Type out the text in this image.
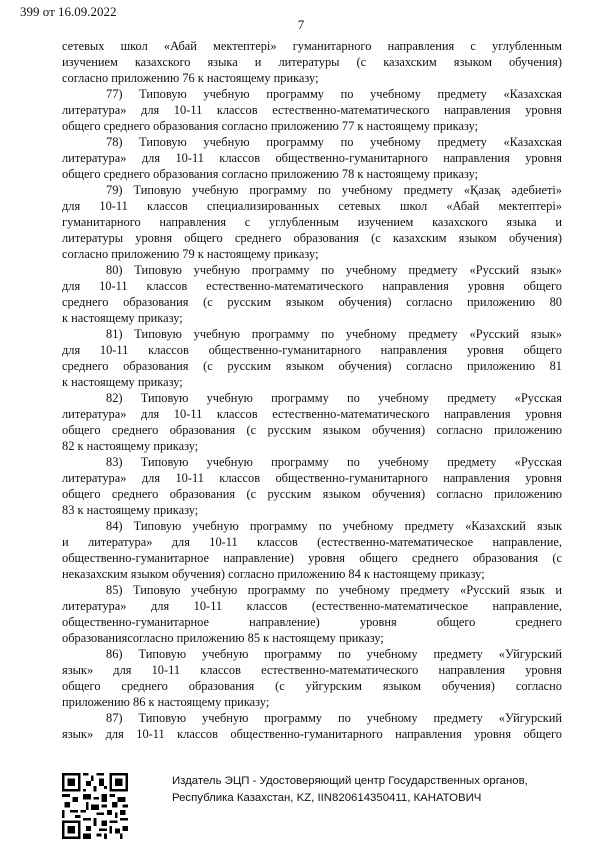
399 от 16.09.2022
7
сетевых школ «Абай мектептері» гуманитарного направления с углубленным
изучением казахского языка и литературы (с казахским языком обучения)
согласно приложению 76 к настоящему приказу;
77) Типовую учебную программу по учебному предмету «Казахская
литература» для 10-11 классов естественно-математического направления уровня
общего среднего образования согласно приложению 77 к настоящему приказу;
78) Типовую учебную программу по учебному предмету «Казахская
литература» для 10-11 классов общественно-гуманитарного направления уровня
общего среднего образования согласно приложению 78 к настоящему приказу;
79) Типовую учебную программу по учебному предмету «Қазақ әдебиеті»
для 10-11 классов специализированных сетевых школ «Абай мектептері»
гуманитарного направления с углубленным изучением казахского языка и
литературы уровня общего среднего образования (с казахским языком обучения)
согласно приложению 79 к настоящему приказу;
80) Типовую учебную программу по учебному предмету «Русский язык»
для 10-11 классов естественно-математического направления уровня общего
среднего образования (с русским языком обучения) согласно приложению 80
к настоящему приказу;
81) Типовую учебную программу по учебному предмету «Русский язык»
для 10-11 классов общественно-гуманитарного направления уровня общего
среднего образования (с русским языком обучения) согласно приложению 81
к настоящему приказу;
82) Типовую учебную программу по учебному предмету «Русская
литература» для 10-11 классов естественно-математического направления уровня
общего среднего образования (с русским языком обучения) согласно приложению
82 к настоящему приказу;
83) Типовую учебную программу по учебному предмету «Русская
литература» для 10-11 классов общественно-гуманитарного направления уровня
общего среднего образования (с русским языком обучения) согласно приложению
83 к настоящему приказу;
84) Типовую учебную программу по учебному предмету «Казахский язык
и литература» для 10-11 классов (естественно-математическое направление,
общественно-гуманитарное направление) уровня общего среднего образования (с
неказахским языком обучения) согласно приложению 84 к настоящему приказу;
85) Типовую учебную программу по учебному предмету «Русский язык и
литература» для 10-11 классов (естественно-математическое направление,
общественно-гуманитарное направление) уровня общего среднего
образованиясогласно приложению 85 к настоящему приказу;
86) Типовую учебную программу по учебному предмету «Уйгурский
язык» для 10-11 классов естественно-математического направления уровня
общего среднего образования (с уйгурским языком обучения) согласно
приложению 86 к настоящему приказу;
87) Типовую учебную программу по учебному предмету «Уйгурский
язык» для 10-11 классов общественно-гуманитарного направления уровня общего
Издатель ЭЦП - Удостоверяющий центр Государственных органов,
Республика Казахстан, KZ, IIN820614350411, КАНАТОВИЧ
